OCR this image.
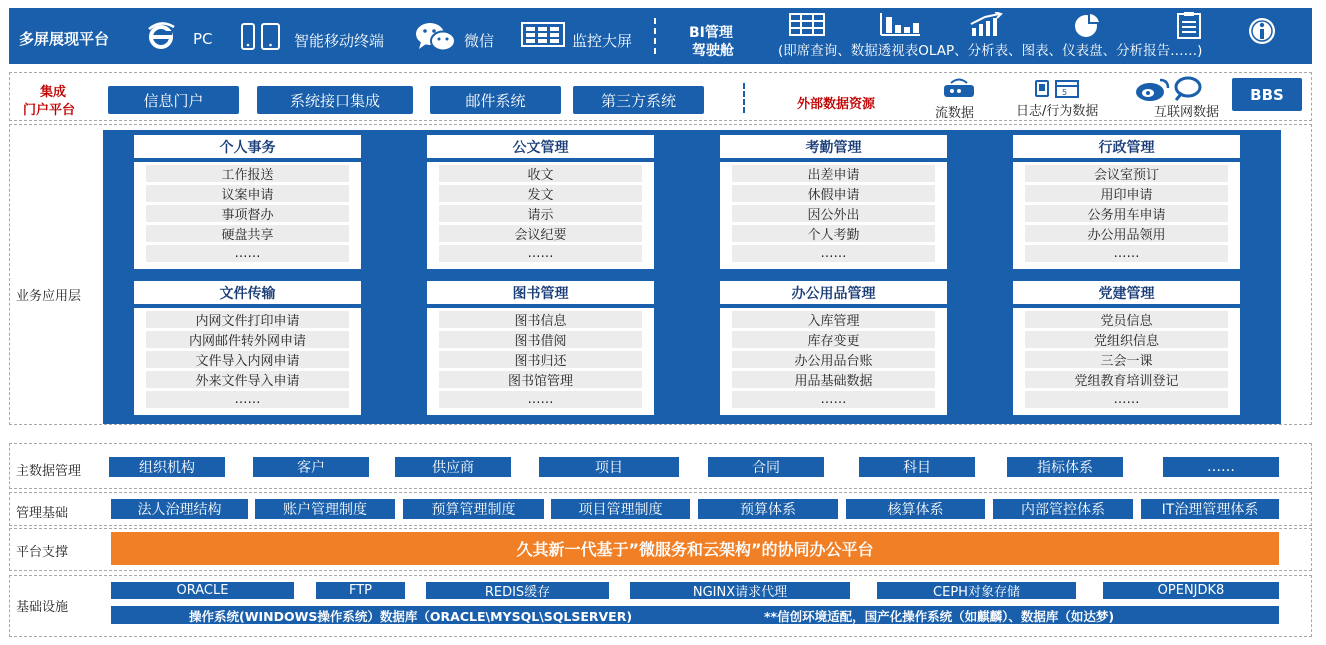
多屏展现平台	PC	智能移动终端	微信	监控大屏	BI管理
驾驶舱	(即席查询、数据透视表OLAP、分析表、图表、仪表盘、分析报告……)
集成
门户平台
信息门户	系统接口集成	邮件系统	第三方系统	外部数据资源
流数据
5
日志/行为数据	互联网数据
BBS
业务应用层
个人事务
工作报送
议案申请
事项督办
硬盘共享
……
公文管理
收文
发文
请示
会议纪要
……
考勤管理
出差申请
休假申请
因公外出
个人考勤
……
行政管理
会议室预订
用印申请
公务用车申请
办公用品领用
……
文件传输
内网文件打印申请
内网邮件转外网申请
文件导入内网申请
外来文件导入申请
……
图书管理
图书信息
图书借阅
图书归还
图书馆管理
……
办公用品管理
入库管理
库存变更
办公用品台账
用品基础数据
……
党建管理
党员信息
党组织信息
三会一课
党组教育培训登记
……
主数据管理	组织机构	客户	供应商	项目	合同	科目	指标体系	……
管理基础	法人治理结构	账户管理制度	预算管理制度	项目管理制度	预算体系	核算体系	内部管控体系	IT治理管理体系
平台支撑	久其新一代基于”微服务和云架构”的协同办公平台
基础设施
ORACLE	FTP	REDIS缓存	NGINX请求代理	CEPH对象存储	OPENJDK8
操作系统(WINDOWS操作系统）数据库（ORACLE\MYSQL\SQLSERVER)	**信创环境适配，国产化操作系统（如麒麟）、数据库（如达梦)
